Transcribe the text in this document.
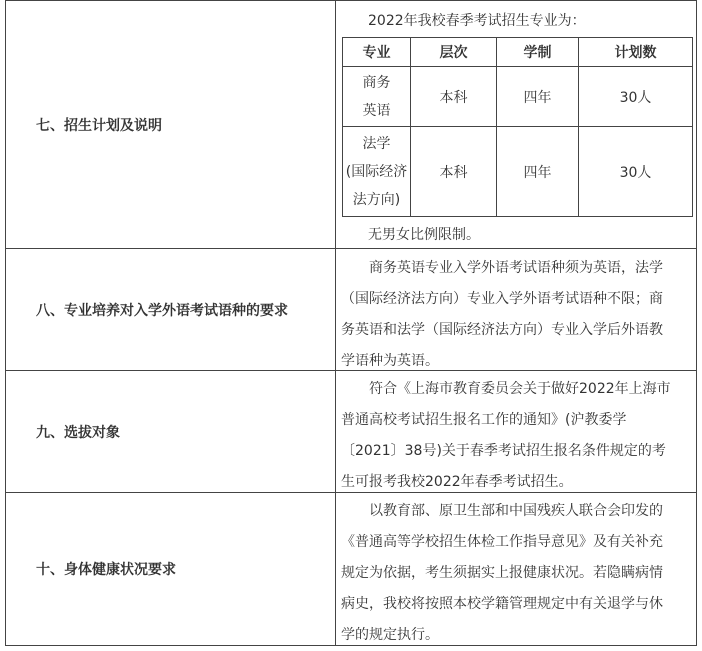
七、招生计划及说明
2022年我校春季考试招生专业为：
专业	层次	学制	计划数

商务
英语	本科	四年	30人

法学
(国际经济
法方向)	本科	四年	30人
无男女比例限制。
八、专业培养对入学外语考试语种的要求
商务英语专业入学外语考试语种须为英语，法学
（国际经济法方向）专业入学外语考试语种不限；商
务英语和法学（国际经济法方向）专业入学后外语教
学语种为英语。
九、选拔对象
符合《上海市教育委员会关于做好2022年上海市
普通高校考试招生报名工作的通知》(沪教委学
〔2021〕38号)关于春季考试招生报名条件规定的考
生可报考我校2022年春季考试招生。
十、身体健康状况要求
以教育部、原卫生部和中国残疾人联合会印发的
《普通高等学校招生体检工作指导意见》及有关补充
规定为依据，考生须据实上报健康状况。若隐瞒病情
病史，我校将按照本校学籍管理规定中有关退学与休
学的规定执行。
